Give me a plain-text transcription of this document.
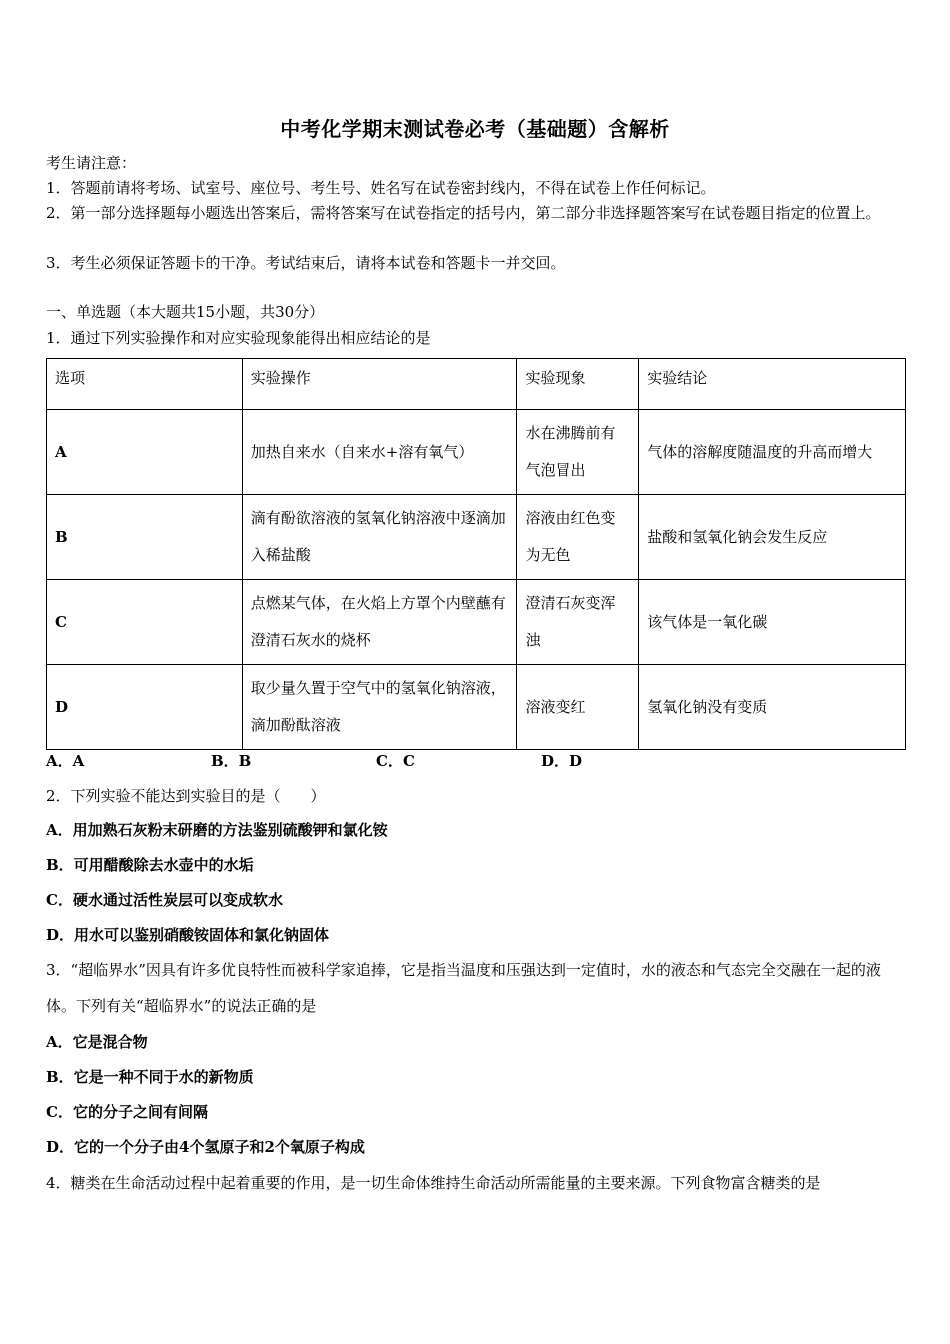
中考化学期末测试卷必考（基础题）含解析
考生请注意：
1．答题前请将考场、试室号、座位号、考生号、姓名写在试卷密封线内，不得在试卷上作任何标记。
2．第一部分选择题每小题选出答案后，需将答案写在试卷指定的括号内，第二部分非选择题答案写在试卷题目指定的位置上。
3．考生必须保证答题卡的干净。考试结束后，请将本试卷和答题卡一并交回。
一、单选题（本大题共15小题，共30分）
1．通过下列实验操作和对应实验现象能得出相应结论的是
选项	实验操作	实验现象	实验结论
A	加热自来水（自来水+溶有氧气）	水在沸腾前有气泡冒出	气体的溶解度随温度的升高而增大
B	滴有酚欲溶液的氢氧化钠溶液中逐滴加入稀盐酸	溶液由红色变为无色	盐酸和氢氧化钠会发生反应
C	点燃某气体，在火焰上方罩个内壁蘸有澄清石灰水的烧杯	澄清石灰变浑浊	该气体是一氧化碳
D	取少量久置于空气中的氢氧化钠溶液，滴加酚酞溶液	溶液变红	氢氧化钠没有变质
A．A	B．B	C．C	D．D
2．下列实验不能达到实验目的是（　　）
A．用加熟石灰粉末研磨的方法鉴别硫酸钾和氯化铵
B．可用醋酸除去水壶中的水垢
C．硬水通过活性炭层可以变成软水
D．用水可以鉴别硝酸铵固体和氯化钠固体
3．“超临界水”因具有许多优良特性而被科学家追捧，它是指当温度和压强达到一定值时，水的液态和气态完全交融在一起的液体。下列有关“超临界水”的说法正确的是
A．它是混合物
B．它是一种不同于水的新物质
C．它的分子之间有间隔
D．它的一个分子由4个氢原子和2个氧原子构成
4．糖类在生命活动过程中起着重要的作用，是一切生命体维持生命活动所需能量的主要来源。下列食物富含糖类的是
